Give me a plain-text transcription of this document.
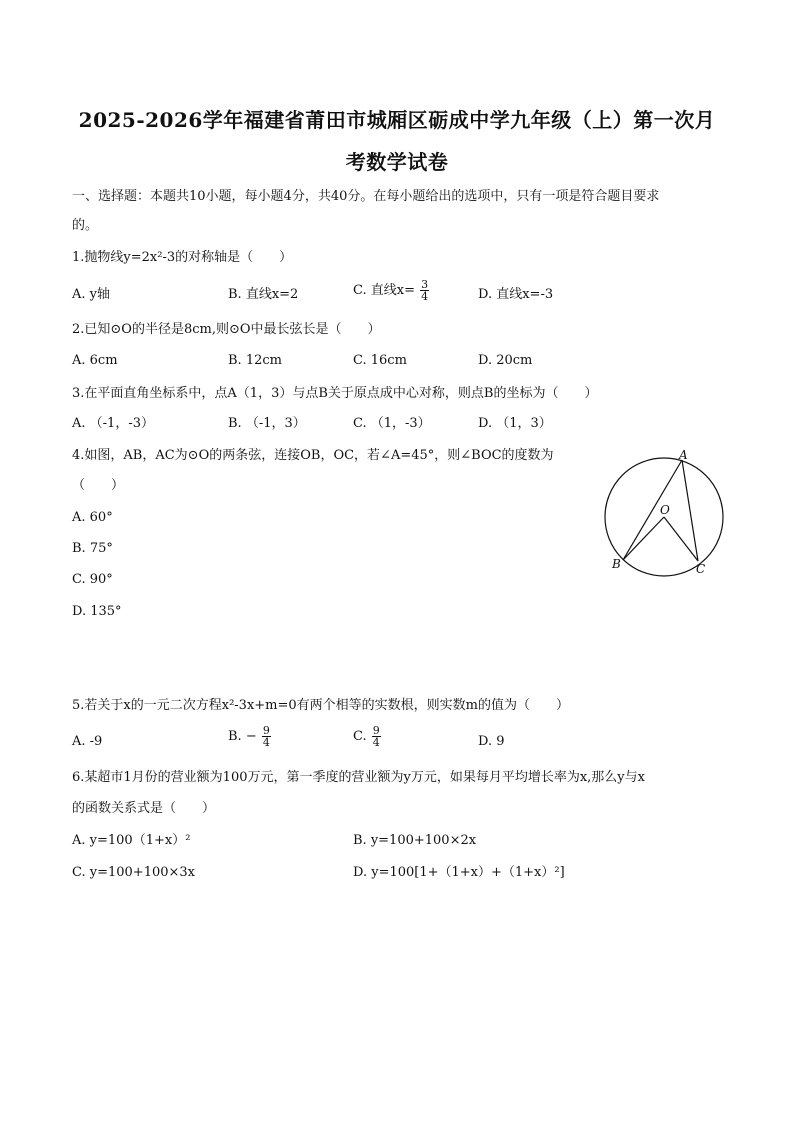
2025-2026学年福建省莆田市城厢区砺成中学九年级（上）第一次月
考数学试卷
一、选择题：本题共10小题，每小题4分，共40分。在每小题给出的选项中，只有一项是符合题目要求
的。
1.抛物线y=2x²-3的对称轴是（　　）
A. y轴	B. 直线x=2	C. 直线$x= \frac{3}{4}$	D. 直线x=-3
2.已知⊙O的半径是8cm,则⊙O中最长弦长是（　　）
A. 6cm	B. 12cm	C. 16cm	D. 20cm
3.在平面直角坐标系中，点A（1，3）与点B关于原点成中心对称，则点B的坐标为（　　）
A. （-1，-3）	B. （-1，3）	C. （1，-3）	D. （1，3）
4.如图，AB，AC为⊙O的两条弦，连接OB，OC，若∠A=45°，则∠BOC的度数为
（　　）
A. 60°
B. 75°
C. 90°
D. 135°
A
O
B	C
5.若关于x的一元二次方程x²-3x+m=0有两个相等的实数根，则实数m的值为（　　）
A. -9	B. − $\frac{9}{4}$	C. $\frac{9}{4}$	D. 9
6.某超市1月份的营业额为100万元，第一季度的营业额为y万元，如果每月平均增长率为x,那么y与x
的函数关系式是（　　）
A. y=100（1+x）²	B. y=100+100×2x
C. y=100+100×3x	D. y=100[1+（1+x）+（1+x）²]
